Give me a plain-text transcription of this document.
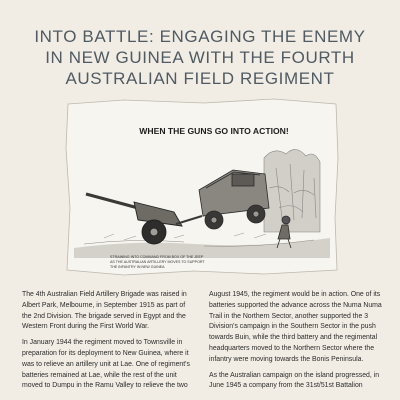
INTO BATTLE: ENGAGING THE ENEMY
IN NEW GUINEA WITH THE FOURTH
AUSTRALIAN FIELD REGIMENT
WHEN THE GUNS GO INTO ACTION!
STRAINING INTO COMMAND FROM BOX OF THE JEEP
AS THE AUSTRALIAN ARTILLERY MOVES TO SUPPORT
THE INFANTRY IN NEW GUINEA

The 4th Australian Field Artillery Brigade was raised in Albert Park, Melbourne, in September 1915 as part of the 2nd Division. The brigade served in Egypt and the Western Front during the First World War.

In January 1944 the regiment moved to Townsville in preparation for its deployment to New Guinea, where it was to relieve an artillery unit at Lae. One of regiment's batteries remained at Lae, while the rest of the unit moved to Dumpu in the Ramu Valley to relieve the two

August 1945, the regiment would be in action. One of its batteries supported the advance across the Numa Numa Trail in the Northern Sector, another supported the 3 Division's campaign in the Southern Sector in the push towards Buin, while the third battery and the regimental headquarters moved to the Northern Sector where the infantry were moving towards the Bonis Peninsula.

As the Australian campaign on the island progressed, in June 1945 a company from the 31st/51st Battalion
